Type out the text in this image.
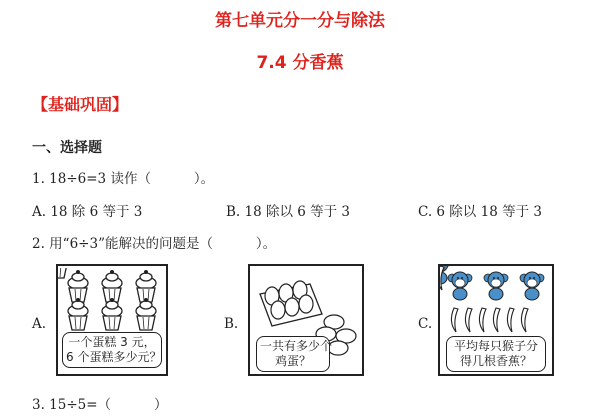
第七单元分一分与除法
7.4 分香蕉
【基础巩固】
一、选择题
1. 18÷6=3 读作（          ）。
A. 18 除 6 等于 3	B. 18 除以 6 等于 3	C. 6 除以 18 等于 3
2. 用“6÷3”能解决的问题是（          ）。
A.
一个蛋糕 3 元，
6 个蛋糕多少元？
B.
一共有多少个
鸡蛋？
C.
平均每只猴子分
得几根香蕉？
3. 15÷5=（          ）
